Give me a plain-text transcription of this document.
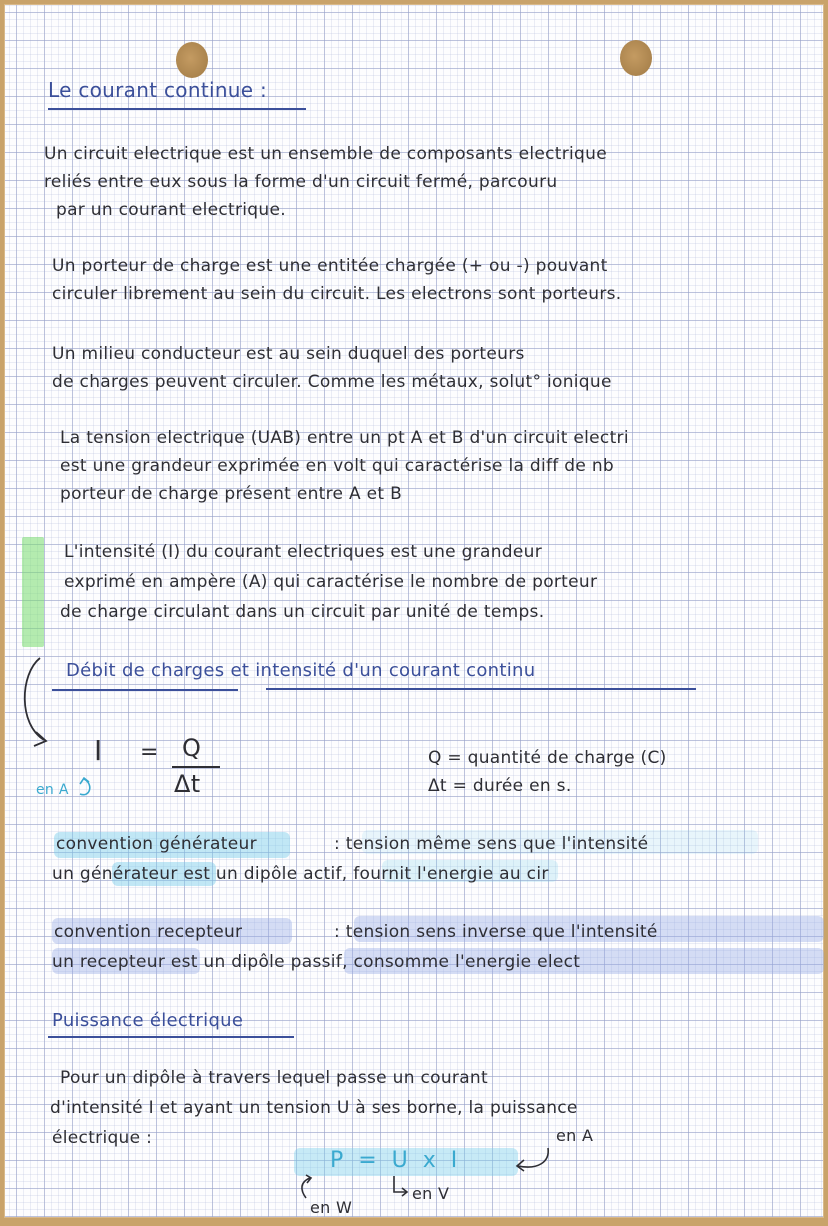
Le courant continue :
Un circuit electrique est un ensemble de composants electrique
reliés entre eux sous la forme d'un circuit fermé, parcouru
par un courant electrique.
Un porteur de charge est une entitée chargée (+ ou -) pouvant
circuler librement au sein du circuit. Les electrons sont porteurs.
Un milieu conducteur est au sein duquel des porteurs
de charges peuvent circuler. Comme les métaux, solut° ionique
La tension electrique (UAB) entre un pt A et B d'un circuit electri
est une grandeur exprimée en volt qui caractérise la diff de nb
porteur de charge présent entre A et B
L'intensité (I) du courant electriques est une grandeur
exprimé en ampère (A) qui caractérise le nombre de porteur
de charge circulant dans un circuit par unité de temps.
Débit de charges et intensité d'un courant continu
I = Q
Δt
en A
Q = quantité de charge (C)
Δt = durée en s.
convention générateur	: tension même sens que l'intensité
un générateur est un dipôle actif, fournit l'energie au cir
convention recepteur	: tension sens inverse que l'intensité
un recepteur est un dipôle passif, consomme l'energie elect
Puissance électrique
Pour un dipôle à travers lequel passe un courant
d'intensité I et ayant un tension U à ses borne, la puissance
électrique :
P = U x I
en A
en V
en W
